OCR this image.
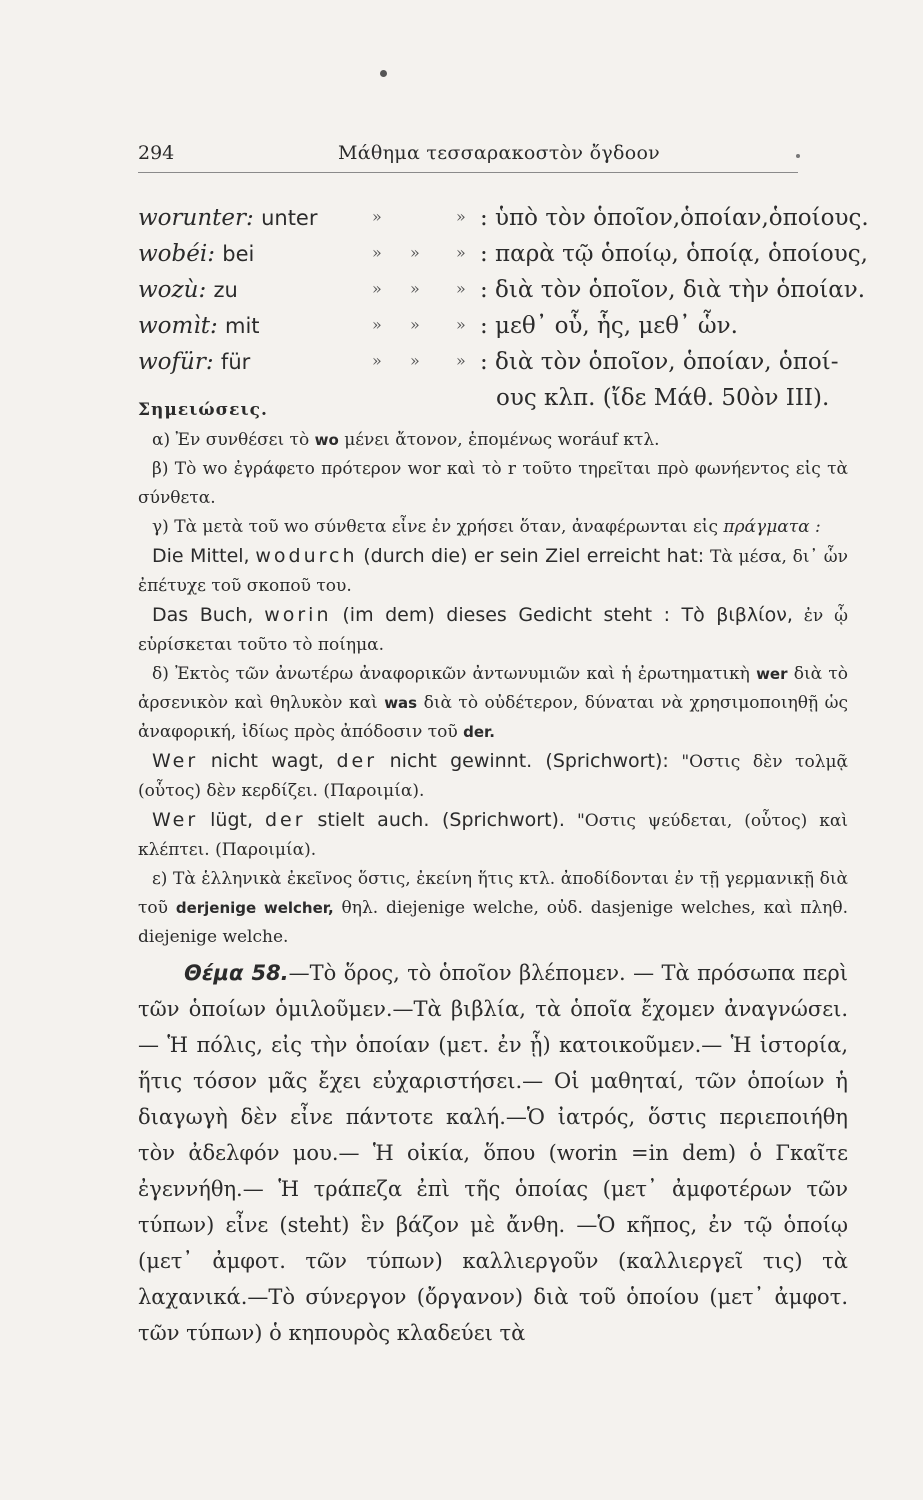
294	Μάθημα τεσσαρακοστὸν ὄγδοον
worunter: unter	»	» : ὑπὸ τὸν ὁποῖον,ὁποίαν,ὁποίους.
wobéi: bei	» » » : παρὰ τῷ ὁποίῳ, ὁποίᾳ, ὁποίους,
wozù: zu	» » » : διὰ τὸν ὁποῖον, διὰ τὴν ὁποίαν.
womìt: mit	» » » : μεθ᾽ οὗ, ἧς, μεθ᾽ ὧν.
wofür: für	» » » : διὰ τὸν ὁποῖον, ὁποίαν, ὁποί-
ους κλπ. (ἴδε Μάθ. 50ὸν III).
Σημειώσεις.

α) Ἐν συνθέσει τὸ wo μένει ἄτονον, ἑπομένως woráuf κτλ.

β) Τὸ wo ἐγράφετο πρότερον wor καὶ τὸ r τοῦτο τηρεῖται πρὸ φωνήεντος εἰς τὰ σύνθετα.

γ) Τὰ μετὰ τοῦ wo σύνθετα εἶνε ἐν χρήσει ὅταν, ἀναφέρωνται εἰς πράγματα :

Die Mittel, wodurch (durch die) er sein Ziel erreicht hat: Τὰ μέσα, δι᾽ ὧν ἐπέτυχε τοῦ σκοποῦ του.

Das Buch, worin (im dem) dieses Gedicht steht : Τὸ βιβλίον, ἐν ᾧ εὑρίσκεται τοῦτο τὸ ποίημα.

δ) Ἐκτὸς τῶν ἀνωτέρω ἀναφορικῶν ἀντωνυμιῶν καὶ ἡ ἐρωτηματικὴ wer διὰ τὸ ἀρσενικὸν καὶ θηλυκὸν καὶ was διὰ τὸ οὐδέτερον, δύναται νὰ χρησιμοποιηθῇ ὡς ἀναφορική, ἰδίως πρὸς ἀπόδοσιν τοῦ der.

Wer nicht wagt, der nicht gewinnt. (Sprichwort): "Οστις δὲν τολμᾷ (οὗτος) δὲν κερδίζει. (Παροιμία).

Wer lügt, der stielt auch. (Sprichwort). "Οστις ψεύδεται, (οὗτος) καὶ κλέπτει. (Παροιμία).

ε) Τὰ ἑλληνικὰ ἐκεῖνος ὅστις, ἐκείνη ἥτις κτλ. ἀποδίδονται ἐν τῇ γερμανικῇ διὰ τοῦ derjenige welcher, θηλ. diejenige welche, οὐδ. dasjenige welches, καὶ πληθ. diejenige welche.

Θέμα 58.—Τὸ ὅρος, τὸ ὁποῖον βλέπομεν. — Τὰ πρόσωπα περὶ τῶν ὁποίων ὁμιλοῦμεν.—Τὰ βιβλία, τὰ ὁποῖα ἔχομεν ἀναγνώσει.— Ἡ πόλις, εἰς τὴν ὁποίαν (μετ. ἐν ᾗ) κατοικοῦμεν.— Ἡ ἱστορία, ἥτις τόσον μᾶς ἔχει εὐχαριστήσει.— Οἱ μαθηταί, τῶν ὁποίων ἡ διαγωγὴ δὲν εἶνε πάντοτε καλή.—Ὁ ἰατρός, ὅστις περιεποιήθη τὸν ἀδελφόν μου.— Ἡ οἰκία, ὅπου (worin =in dem) ὁ Γκαῖτε ἐγεννήθη.— Ἡ τράπεζα ἐπὶ τῆς ὁποίας (μετ᾽ ἀμφοτέρων τῶν τύπων) εἶνε (steht) ἓν βάζον μὲ ἄνθη. —Ὁ κῆπος, ἐν τῷ ὁποίῳ (μετ᾽ ἀμφοτ. τῶν τύπων) καλλιεργοῦν (καλλιεργεῖ τις) τὰ λαχανικά.—Τὸ σύνεργον (ὄργανον) διὰ τοῦ ὁποίου (μετ᾽ ἀμφοτ. τῶν τύπων) ὁ κηπουρὸς κλαδεύει τὰ
